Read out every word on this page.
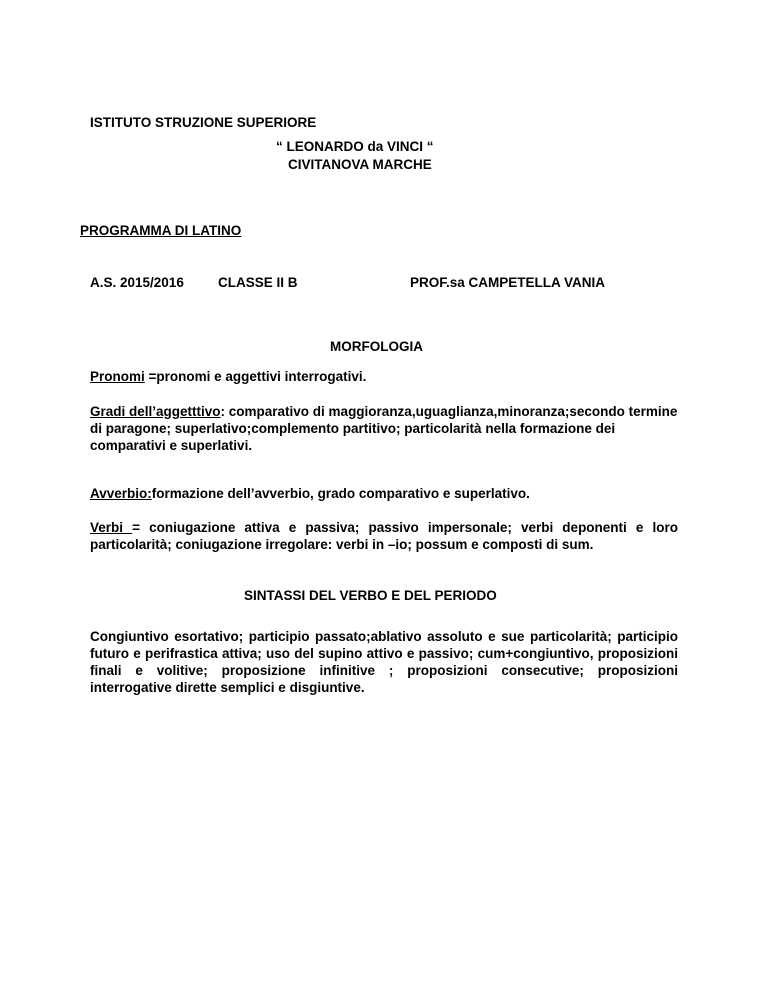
ISTITUTO STRUZIONE SUPERIORE
“ LEONARDO da VINCI “
CIVITANOVA MARCHE
PROGRAMMA DI LATINO
A.S. 2015/2016	CLASSE II B	PROF.sa CAMPETELLA VANIA
MORFOLOGIA

Pronomi =pronomi e aggettivi interrogativi.

Gradi dell’aggetttivo: comparativo di maggioranza,uguaglianza,minoranza;secondo termine di paragone; superlativo;complemento partitivo; particolarità nella formazione dei comparativi e superlativi.

Avverbio:formazione dell’avverbio, grado comparativo e superlativo.

Verbi = coniugazione attiva e passiva; passivo impersonale; verbi deponenti e loro particolarità; coniugazione irregolare: verbi in –io; possum e composti di sum.

SINTASSI DEL VERBO E DEL PERIODO

Congiuntivo esortativo; participio passato;ablativo assoluto e sue particolarità; participio futuro e perifrastica attiva; uso del supino attivo e passivo; cum+congiuntivo, proposizioni finali e volitive; proposizione infinitive ; proposizioni consecutive; proposizioni interrogative dirette semplici e disgiuntive.
